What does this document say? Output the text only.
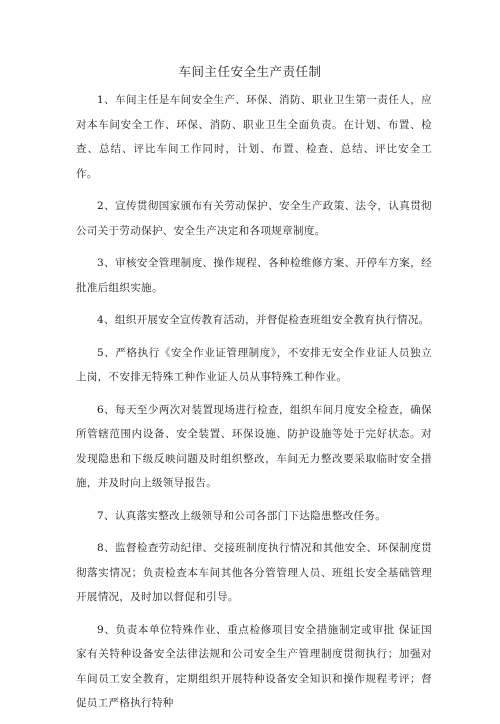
车间主任安全生产责任制

1、车间主任是车间安全生产、环保、消防、职业卫生第一责任人，应对本车间安全工作、环保、消防、职业卫生全面负责。在计划、布置、检查、总结、评比车间工作同时，计划、布置、检查、总结、评比安全工作。

2、宣传贯彻国家颁布有关劳动保护、安全生产政策、法令，认真贯彻公司关于劳动保护、安全生产决定和各项规章制度。

3、审核安全管理制度、操作规程、各种检维修方案、开停车方案，经批准后组织实施。

4、组织开展安全宣传教育活动，并督促检查班组安全教育执行情况。

5、严格执行《安全作业证管理制度》，不安排无安全作业证人员独立上岗，不安排无特殊工种作业证人员从事特殊工种作业。

6、每天至少两次对装置现场进行检查，组织车间月度安全检查，确保所管辖范围内设备、安全装置、环保设施、防护设施等处于完好状态。对发现隐患和下级反映问题及时组织整改，车间无力整改要采取临时安全措施，并及时向上级领导报告。

7、认真落实整改上级领导和公司各部门下达隐患整改任务。

8、监督检查劳动纪律、交接班制度执行情况和其他安全、环保制度贯彻落实情况；负责检查本车间其他各分管管理人员、班组长安全基础管理开展情况，及时加以督促和引导。

9、负责本单位特殊作业、重点检修项目安全措施制定或审批 保证国家有关特种设备安全法律法规和公司安全生产管理制度贯彻执行；加强对车间员工安全教育，定期组织开展特种设备安全知识和操作规程考评；督促员工严格执行特种
